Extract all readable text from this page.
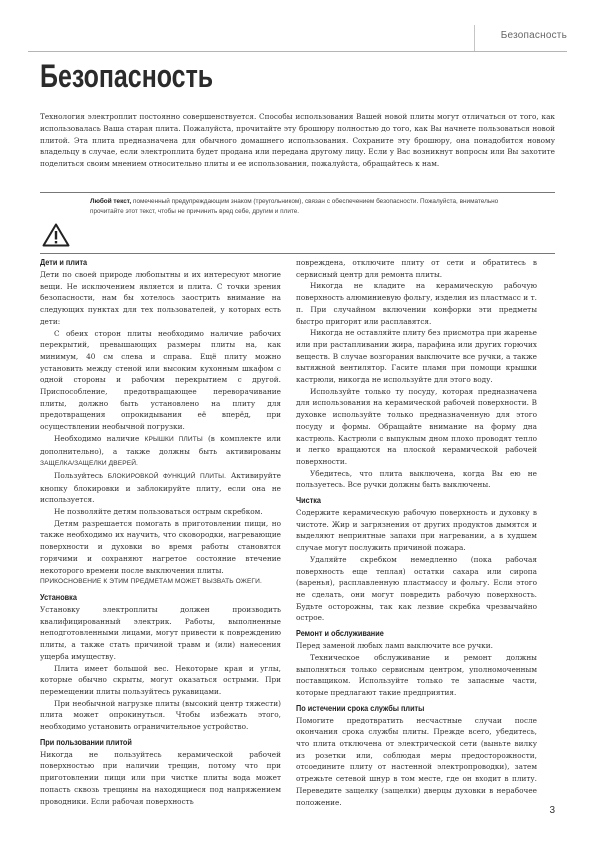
Безопасность
Безопасность

Технология электроплит постоянно совершенствуется. Способы использования Вашей новой плиты могут отличаться от того, как использовалась Ваша старая плита. Пожалуйста, прочитайте эту брошюру полностью до того, как Вы начнете пользоваться новой плитой. Эта плита предназначена для обычного домашнего использования. Сохраните эту брошюру, она понадобится новому владельцу в случае, если электроплита будет продана или передана другому лицу. Если у Вас возникнут вопросы или Вы захотите поделиться своим мнением относительно плиты и ее использования, пожалуйста, обращайтесь к нам.

Любой текст, помеченный предупреждающим знаком (треугольником), связан с обеспечением безопасности. Пожалуйста, внимательно прочитайте этот текст, чтобы не причинить вред себе, другим и плите.

Дети и плита

Дети по своей природе любопытны и их интересуют многие вещи. Не исключением является и плита. С точки зрения безопасности, нам бы хотелось заострить внимание на следующих пунктах для тех пользователей, у которых есть дети:

С обеих сторон плиты необходимо наличие рабочих перекрытий, превышающих размеры плиты на, как минимум, 40 см слева и справа. Ещё плиту можно установить между стеной или высоким кухонным шкафом с одной стороны и рабочим перекрытием с другой. Приспособление, предотвращающее переворачивание плиты, должно быть установлено на плиту для предотвращения опрокидывания её вперёд, при осуществлении необычной погрузки.

Необходимо наличие КРЫШКИ ПЛИТЫ (в комплекте или дополнительно), а также должны быть активированы ЗАЩЕЛКА/ЗАЩЕЛКИ ДВЕРЕЙ.

Пользуйтесь БЛОКИРОВКОЙ ФУНКЦИЙ ПЛИТЫ. Активируйте кнопку блокировки и заблокируйте плиту, если она не используется.

Не позволяйте детям пользоваться острым скребком.

Детям разрешается помогать в приготовлении пищи, но также необходимо их научить, что сковородки, нагревающие поверхности и духовки во время работы становятся горячими и сохраняют нагретое состояние втечение некоторого времени после выключения плиты.

ПРИКОСНОВЕНИЕ К ЭТИМ ПРЕДМЕТАМ МОЖЕТ ВЫЗВАТЬ ОЖЕГИ.

Установка

Установку электроплиты должен производить квалифицированный электрик. Работы, выполненные неподготовленными лицами, могут привести к повреждению плиты, а также стать причиной травм и (или) нанесения ущерба имуществу.

Плита имеет большой вес. Некоторые края и углы, которые обычно скрыты, могут оказаться острыми. При перемещении плиты пользуйтесь рукавицами.

При необычной нагрузке плиты (высокий центр тяжести) плита может опрокинуться. Чтобы избежать этого, необходимо установить ограничительное устройство.

При пользовании плитой

Никогда не пользуйтесь керамической рабочей поверхностью при наличии трещин, потому что при приготовлении пищи или при чистке плиты вода может попасть сквозь трещины на находящиеся под напряжением проводники. Если рабочая поверхность

повреждена, отключите плиту от сети и обратитесь в сервисный центр для ремонта плиты.

Никогда не кладите на керамическую рабочую поверхность алюминиевую фольгу, изделия из пластмасс и т. п. При случайном включении конфорки эти предметы быстро пригорят или расплавятся.

Никогда не оставляйте плиту без присмотра при жаренье или при растапливании жира, парафина или других горючих веществ. В случае возгорания выключите все ручки, а также вытяжной вентилятор. Гасите пламя при помощи крышки кастрюли, никогда не используйте для этого воду.

Используйте только ту посуду, которая предназначена для использования на керамической рабочей поверхности. В духовке используйте только предназначенную для этого посуду и формы. Обращайте внимание на форму дна кастрюль. Кастрюли с выпуклым дном плохо проводят тепло и легко вращаются на плоской керамической рабочей поверхности.

Убедитесь, что плита выключена, когда Вы ею не пользуетесь. Все ручки должны быть выключены.

Чистка

Содержите керамическую рабочую поверхность и духовку в чистоте. Жир и загрязнения от других продуктов дымятся и выделяют неприятные запахи при нагревании, а в худшем случае могут послужить причиной пожара.

Удаляйте скребком немедленно (пока рабочая поверхность еще теплая) остатки сахара или сиропа (варенья), расплавленную пластмассу и фольгу. Если этого не сделать, они могут повредить рабочую поверхность. Будьте осторожны, так как лезвие скребка чрезвычайно острое.

Ремонт и обслуживание

Перед заменой любых ламп выключите все ручки.

Техническое обслуживание и ремонт должны выполняться только сервисным центром, уполномоченным поставщиком. Используйте только те запасные части, которые предлагают такие предприятия.

По истечении срока службы плиты

Помогите предотвратить несчастные случаи после окончания срока службы плиты. Прежде всего, убедитесь, что плита отключена от электрической сети (выньте вилку из розетки или, соблюдая меры предосторожности, отсоедините плиту от настенной электропроводки), затем отрежьте сетевой шнур в том месте, где он входит в плиту. Переведите защелку (защелки) дверцы духовки в нерабочее положение.

3
